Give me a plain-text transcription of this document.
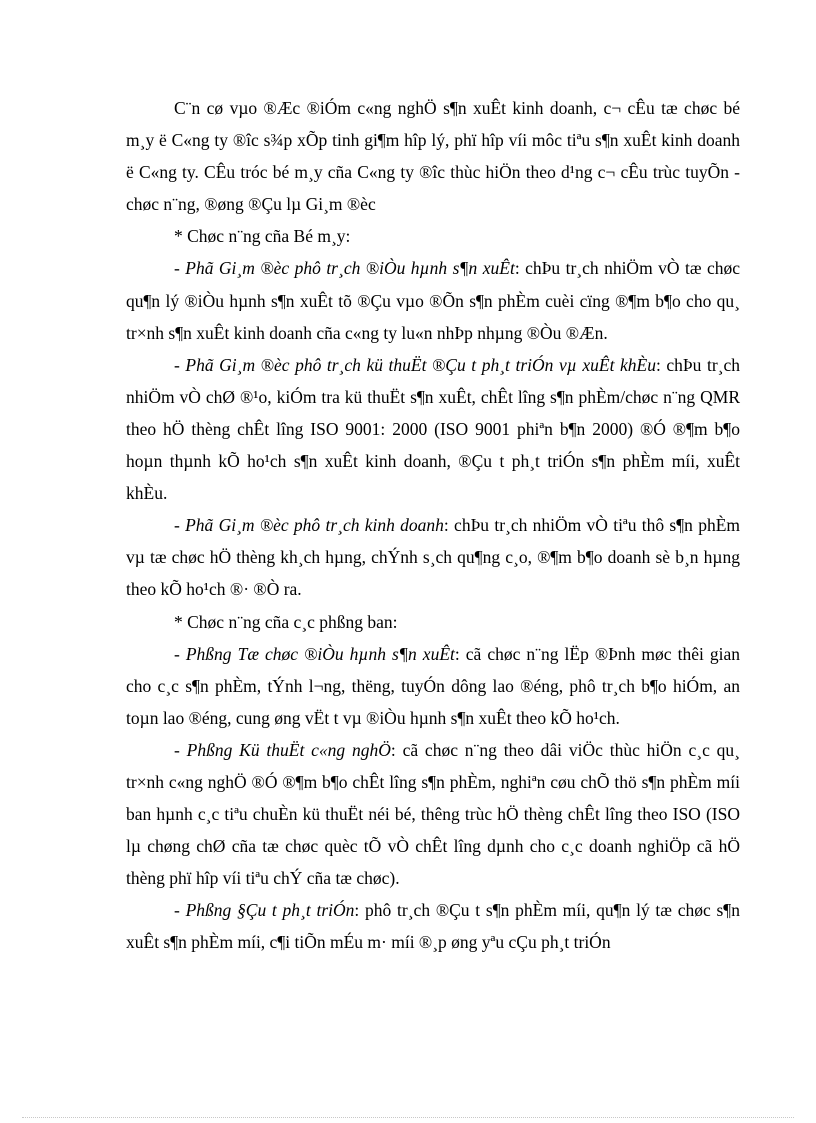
C¨n cø vµo ®Æc ®iÓm c«ng nghÖ s¶n xuÊt kinh doanh, c¬ cÊu tæ chøc bé m¸y ë C«ng ty ®îc s¾p xÕp tinh gi¶m hîp lý, phï hîp víi môc tiªu s¶n xuÊt kinh doanh ë C«ng ty. CÊu tróc bé m¸y cña C«ng ty ®îc thùc hiÖn theo d¹ng c¬ cÊu trùc tuyÕn - chøc n¨ng, ®øng ®Çu lµ Gi¸m ®èc

* Chøc n¨ng cña Bé m¸y:

- Phã Gi¸m ®èc phô tr¸ch ®iÒu hµnh s¶n xuÊt: chÞu tr¸ch nhiÖm vÒ tæ chøc qu¶n lý ®iÒu hµnh s¶n xuÊt tõ ®Çu vµo ®Õn s¶n phÈm cuèi cïng ®¶m b¶o cho qu¸ tr×nh s¶n xuÊt kinh doanh cña c«ng ty lu«n nhÞp nhµng ®Òu ®Æn.

- Phã Gi¸m ®èc phô tr¸ch kü thuËt ®Çu t ph¸t triÓn vµ xuÊt khÈu: chÞu tr¸ch nhiÖm vÒ chØ ®¹o, kiÓm tra kü thuËt s¶n xuÊt, chÊt lîng s¶n phÈm/chøc n¨ng QMR theo hÖ thèng chÊt lîng ISO 9001: 2000 (ISO 9001 phiªn b¶n 2000) ®Ó ®¶m b¶o hoµn thµnh kÕ ho¹ch s¶n xuÊt kinh doanh, ®Çu t ph¸t triÓn s¶n phÈm míi, xuÊt khÈu.

- Phã Gi¸m ®èc phô tr¸ch kinh doanh: chÞu tr¸ch nhiÖm vÒ tiªu thô s¶n phÈm vµ tæ chøc hÖ thèng kh¸ch hµng, chÝnh s¸ch qu¶ng c¸o, ®¶m b¶o doanh sè b¸n hµng theo kÕ ho¹ch ®· ®Ò ra.

* Chøc n¨ng cña c¸c phßng ban:

- Phßng Tæ chøc ®iÒu hµnh s¶n xuÊt: cã chøc n¨ng lËp ®Þnh møc thêi gian cho c¸c s¶n phÈm, tÝnh l¬ng, thëng, tuyÓn dông lao ®éng, phô tr¸ch b¶o hiÓm, an toµn lao ®éng, cung øng vËt t vµ ®iÒu hµnh s¶n xuÊt theo kÕ ho¹ch.

- Phßng Kü thuËt c«ng nghÖ: cã chøc n¨ng theo dâi viÖc thùc hiÖn c¸c qu¸ tr×nh c«ng nghÖ ®Ó ®¶m b¶o chÊt lîng s¶n phÈm, nghiªn cøu chÕ thö s¶n phÈm míi ban hµnh c¸c tiªu chuÈn kü thuËt néi bé, thêng trùc hÖ thèng chÊt lîng theo ISO (ISO lµ chøng chØ cña tæ chøc quèc tÕ vÒ chÊt lîng dµnh cho c¸c doanh nghiÖp cã hÖ thèng phï hîp víi tiªu chÝ cña tæ chøc).

- Phßng §Çu t ph¸t triÓn: phô tr¸ch ®Çu t s¶n phÈm míi, qu¶n lý tæ chøc s¶n xuÊt s¶n phÈm míi, c¶i tiÕn mÉu m· míi ®¸p øng yªu cÇu ph¸t triÓn
